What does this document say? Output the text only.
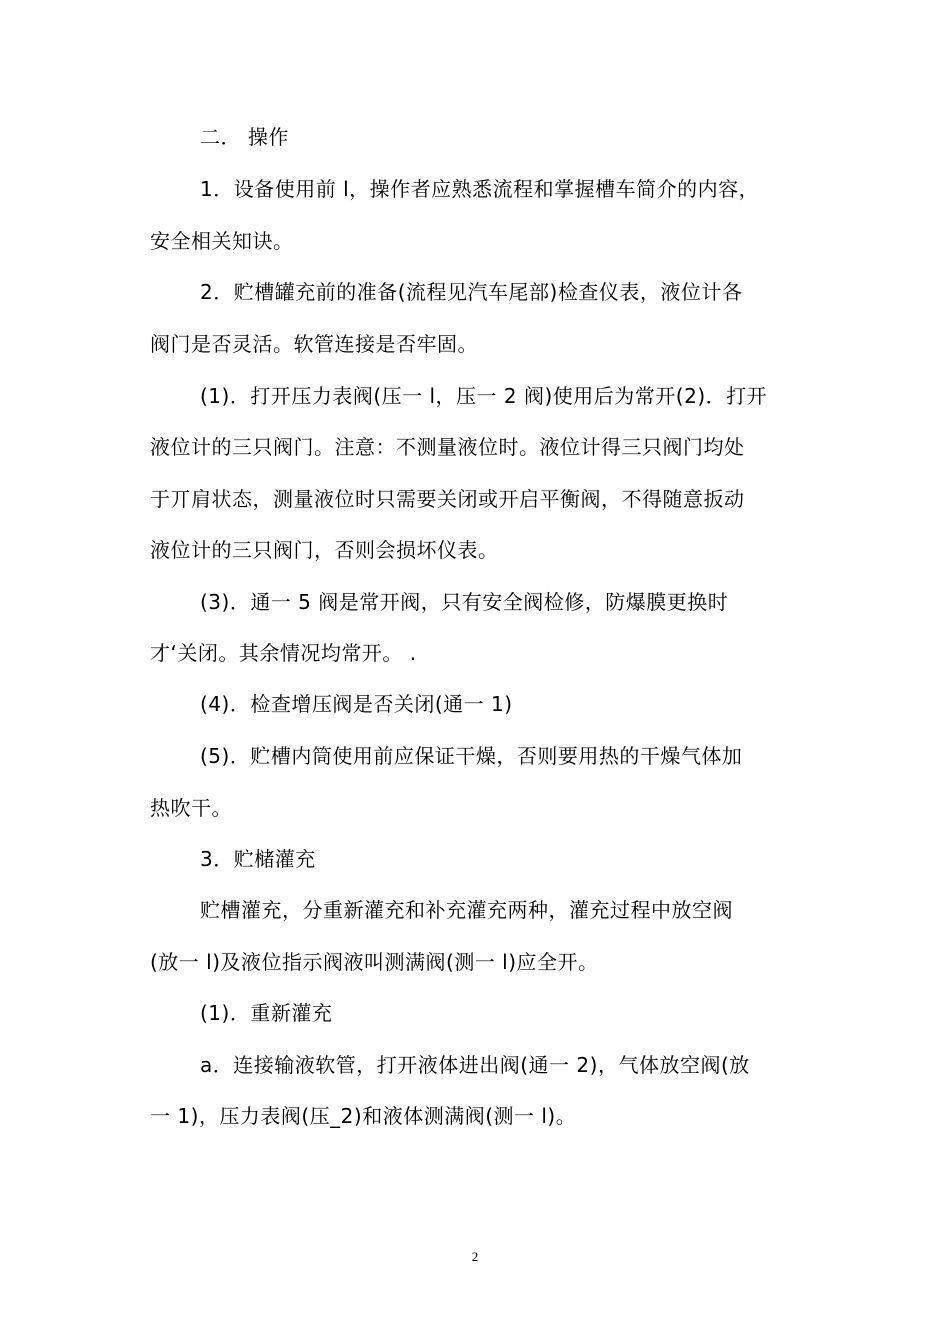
二． 操作
1．设备使用前 l，操作者应熟悉流程和掌握槽车简介的内容，
安全相关知诀。
2．贮槽罐充前的准备(流程见汽车尾部)检查仪表，液位计各
阀门是否灵活。软管连接是否牢固。
(1)．打开压力表阀(压一 l，压一 2 阀)使用后为常开(2)．打开
液位计的三只阀门。注意：不测量液位时。液位计得三只阀门均处
于丌肩状态，测量液位时只需要关闭或开启平衡阀，不得随意扳动
液位计的三只阀门，否则会损坏仪表。
(3)．通一 5 阀是常开阀，只有安全阀检修，防爆膜更换时
才‘关闭。其余情况均常开。 .
(4)．检查增压阀是否关闭(通一 1)
(5)．贮槽内筒使用前应保证干燥，否则要用热的干燥气体加
热吹干。
3．贮槠灌充
贮槽灌充，分重新灌充和补充灌充两种，灌充过程中放空阀
(放一 l)及液位指示阀液叫测满阀(测一 l)应全开。
(1)．重新灌充
a．连接输液软管，打开液体进出阀(通一 2)，气体放空阀(放
一 1)，压力表阀(压_2)和液体测满阀(测一 l)。
2
